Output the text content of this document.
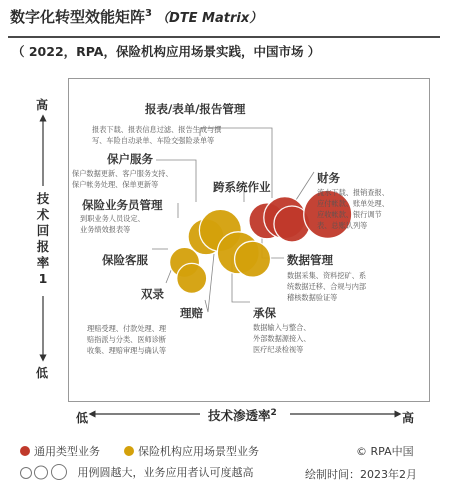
数字化转型效能矩阵$^3$ （DTE Matrix）
（ 2022，RPA，保险机构应用场景实践，中国市场 ）
高
技
术
回
报
率
1
低
低	技术渗透率$^2$	高
报表/表单/报告管理
报表下载、报表信息过滤、报告生成与撰
写、车险自动录单、车险交强险录单等
保户服务
保户数据更新、客户服务支持、
保户帐务处理、保单更新等
保险业务员管理
到职业务人员设定、
业务绩效报表等
保险客服
双录
理赔
理赔受理、付款处理、理
赔指派与分类、医师诊断
收集、理赔审理与确认等
承保
数据输入与整合、
外部数据源接入、
医疗纪录检视等
跨系统作业
财务
流水下载、报销查报、
应付帐款、账单处理、
应收帐款、银行调节
表、总账认列等
数据管理
数据采集、资料挖矿、系
统数据迁移、合规与内部
稽核数据验证等
通用类型业务	保险机构应用场景型业务	© RPA中国
用例圆越大，业务应用者认可度越高	绘制时间：2023年2月
